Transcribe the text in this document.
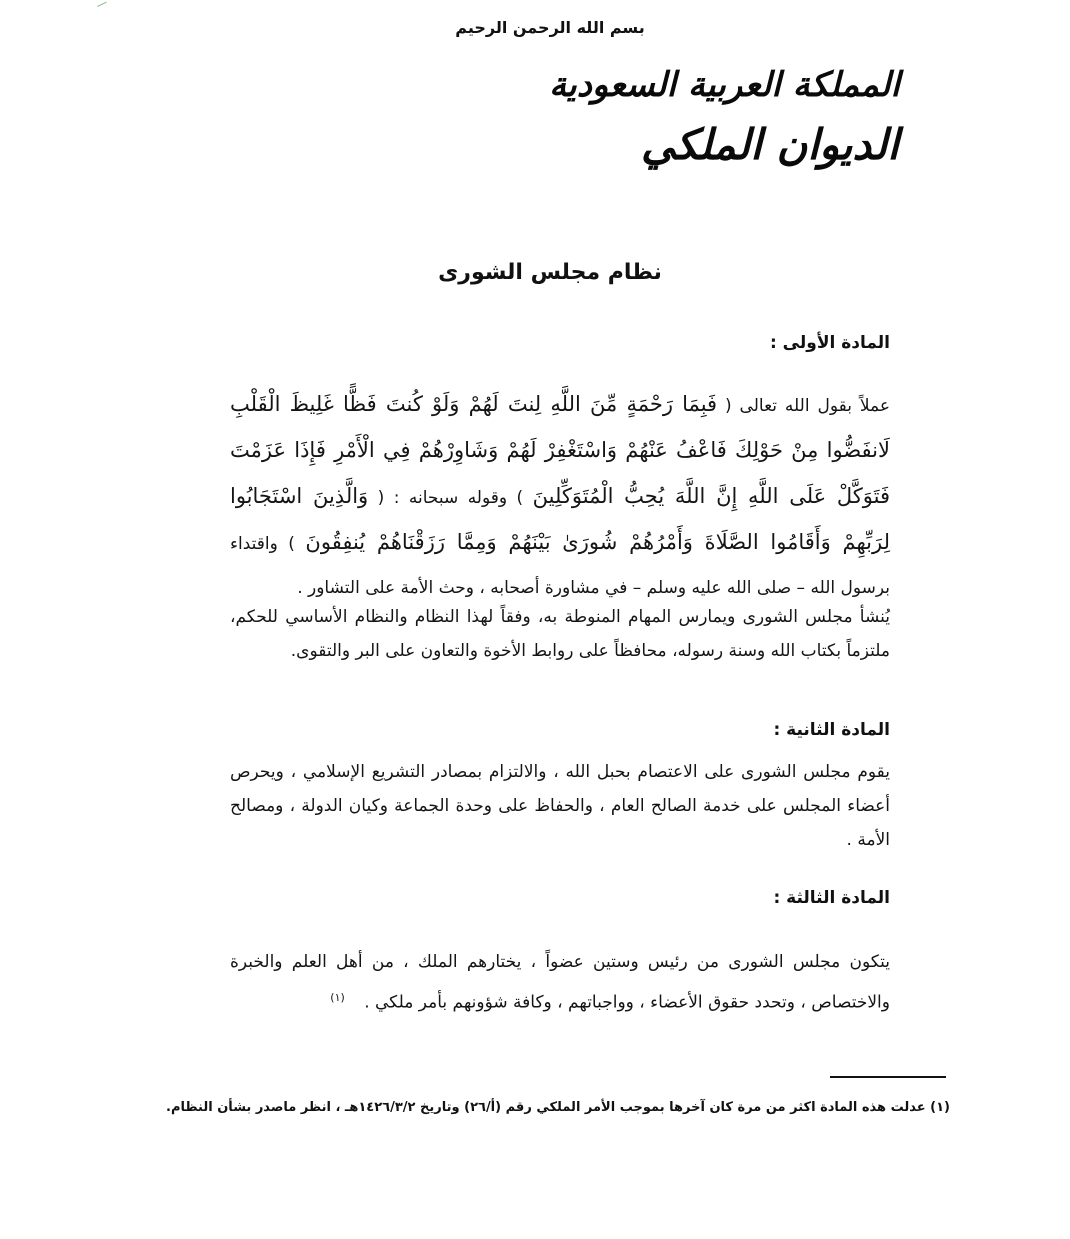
بسم الله الرحمن الرحيم
المملكة العربية السعودية
الديوان الملكي
نظام مجلس الشورى
المادة الأولى :
عملاً بقول الله تعالى ( فَبِمَا رَحْمَةٍ مِّنَ اللَّهِ لِنتَ لَهُمْ وَلَوْ كُنتَ فَظًّا غَلِيظَ الْقَلْبِ لَانفَضُّوا مِنْ حَوْلِكَ فَاعْفُ عَنْهُمْ وَاسْتَغْفِرْ لَهُمْ وَشَاوِرْهُمْ فِي الْأَمْرِ فَإِذَا عَزَمْتَ فَتَوَكَّلْ عَلَى اللَّهِ إِنَّ اللَّهَ يُحِبُّ الْمُتَوَكِّلِينَ ) وقوله سبحانه : ( وَالَّذِينَ اسْتَجَابُوا لِرَبِّهِمْ وَأَقَامُوا الصَّلَاةَ وَأَمْرُهُمْ شُورَىٰ بَيْنَهُمْ وَمِمَّا رَزَقْنَاهُمْ يُنفِقُونَ ) واقتداء برسول الله – صلى الله عليه وسلم – في مشاورة أصحابه ، وحث الأمة على التشاور .
يُنشأ مجلس الشورى ويمارس المهام المنوطة به، وفقاً لهذا النظام والنظام الأساسي للحكم، ملتزماً بكتاب الله وسنة رسوله، محافظاً على روابط الأخوة والتعاون على البر والتقوى.
المادة الثانية :
يقوم مجلس الشورى على الاعتصام بحبل الله ، والالتزام بمصادر التشريع الإسلامي ، ويحرص أعضاء المجلس على خدمة الصالح العام ، والحفاظ على وحدة الجماعة وكيان الدولة ، ومصالح الأمة .
المادة الثالثة :
يتكون مجلس الشورى من رئيس وستين عضواً ، يختارهم الملك ، من أهل العلم والخبرة والاختصاص ، وتحدد حقوق الأعضاء ، وواجباتهم ، وكافة شؤونهم بأمر ملكي . $^{(١)}$
(١) عدلت هذه المادة اكثر من مرة كان آخرها بموجب الأمر الملكي رقم (أ/٢٦) وتاريخ ١٤٢٦/٣/٢هـ ، انظر ماصدر بشأن النظام.
